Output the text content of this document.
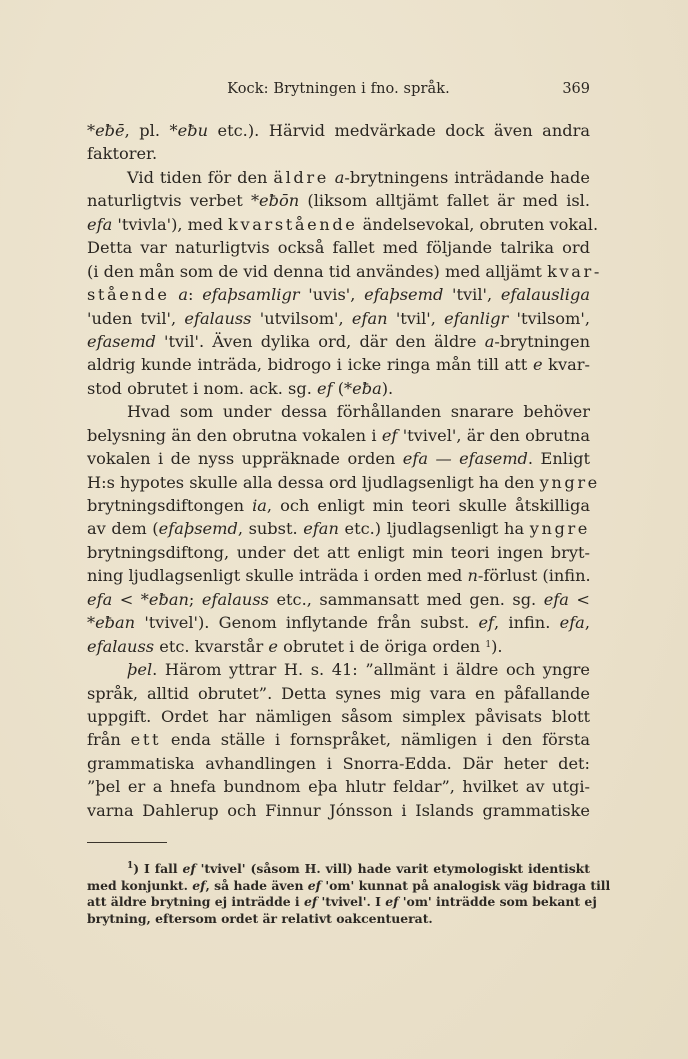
Kock: Brytningen i fno. språk.	369
*eƀē, pl. *eƀu etc.). Härvid medvärkade dock även andra
faktorer.
Vid tiden för den äldre a-brytningens inträdande hade
naturligtvis verbet *eƀōn (liksom alltjämt fallet är med isl.
efa 'tvivla'), med kvarstående ändelsevokal, obruten vokal.
Detta var naturligtvis också fallet med följande talrika ord
(i den mån som de vid denna tid användes) med alljämt kvar-
stående a: efaþsamligr 'uvis', efaþsemd 'tvil', efalausliga
'uden tvil', efalauss 'utvilsom', efan 'tvil', efanligr 'tvilsom',
efasemd 'tvil'. Även dylika ord, där den äldre a-brytningen
aldrig kunde inträda, bidrogo i icke ringa mån till att e kvar-
stod obrutet i nom. ack. sg. ef (*eƀa).
Hvad som under dessa förhållanden snarare behöver
belysning än den obrutna vokalen i ef 'tvivel', är den obrutna
vokalen i de nyss uppräknade orden efa — efasemd. Enligt
H:s hypotes skulle alla dessa ord ljudlagsenligt ha den yngre
brytningsdiftongen ia, och enligt min teori skulle åtskilliga
av dem (efaþsemd, subst. efan etc.) ljudlagsenligt ha yngre
brytningsdiftong, under det att enligt min teori ingen bryt-
ning ljudlagsenligt skulle inträda i orden med n-förlust (infin.
efa < *eƀan; efalauss etc., sammansatt med gen. sg. efa <
*eƀan 'tvivel'). Genom inflytande från subst. ef, infin. efa,
efalauss etc. kvarstår e obrutet i de öriga orden $^1$).
þel. Härom yttrar H. s. 41: ”allmänt i äldre och yngre
språk, alltid obrutet”. Detta synes mig vara en påfallande
uppgift. Ordet har nämligen såsom simplex påvisats blott
från ett enda ställe i fornspråket, nämligen i den första
grammatiska avhandlingen i Snorra-Edda. Där heter det:
”þel er a hnefa bundnom eþa hlutr feldar”, hvilket av utgi-
varna Dahlerup och Finnur Jónsson i Islands grammatiske
$^1$) I fall ef 'tvivel' (såsom H. vill) hade varit etymologiskt identiskt
med konjunkt. ef, så hade även ef 'om' kunnat på analogisk väg bidraga till
att äldre brytning ej inträdde i ef 'tvivel'. I ef 'om' inträdde som bekant ej
brytning, eftersom ordet är relativt oakcentuerat.
